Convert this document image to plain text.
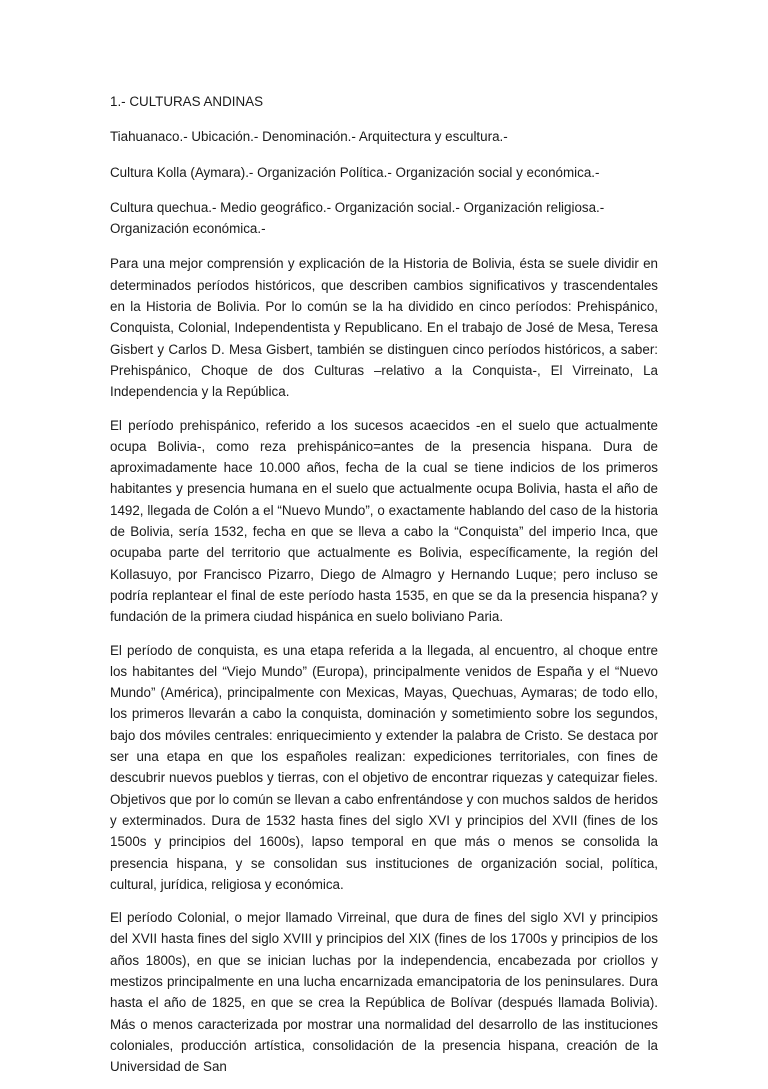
1.- CULTURAS ANDINAS
Tiahuanaco.- Ubicación.- Denominación.- Arquitectura y escultura.-
Cultura Kolla (Aymara).- Organización Política.- Organización social y económica.-
Cultura quechua.- Medio geográfico.- Organización social.- Organización religiosa.-
Organización económica.-

Para una mejor comprensión y explicación de la Historia de Bolivia, ésta se suele dividir en determinados períodos históricos, que describen cambios significativos y trascendentales en la Historia de Bolivia. Por lo común se la ha dividido en cinco períodos: Prehispánico, Conquista, Colonial, Independentista y Republicano. En el trabajo de José de Mesa, Teresa Gisbert y Carlos D. Mesa Gisbert, también se distinguen cinco períodos históricos, a saber: Prehispánico, Choque de dos Culturas –relativo a la Conquista-, El Virreinato, La Independencia y la República.

El período prehispánico, referido a los sucesos acaecidos -en el suelo que actualmente ocupa Bolivia-, como reza prehispánico=antes de la presencia hispana. Dura de aproximadamente hace 10.000 años, fecha de la cual se tiene indicios de los primeros habitantes y presencia humana en el suelo que actualmente ocupa Bolivia, hasta el año de 1492, llegada de Colón a el “Nuevo Mundo”, o exactamente hablando del caso de la historia de Bolivia, sería 1532, fecha en que se lleva a cabo la “Conquista” del imperio Inca, que ocupaba parte del territorio que actualmente es Bolivia, específicamente, la región del Kollasuyo, por Francisco Pizarro, Diego de Almagro y Hernando Luque; pero incluso se podría replantear el final de este período hasta 1535, en que se da la presencia hispana? y fundación de la primera ciudad hispánica en suelo boliviano Paria.

El período de conquista, es una etapa referida a la llegada, al encuentro, al choque entre los habitantes del “Viejo Mundo” (Europa), principalmente venidos de España y el “Nuevo Mundo” (América), principalmente con Mexicas, Mayas, Quechuas, Aymaras; de todo ello, los primeros llevarán a cabo la conquista, dominación y sometimiento sobre los segundos, bajo dos móviles centrales: enriquecimiento y extender la palabra de Cristo. Se destaca por ser una etapa en que los españoles realizan: expediciones territoriales, con fines de descubrir nuevos pueblos y tierras, con el objetivo de encontrar riquezas y catequizar fieles. Objetivos que por lo común se llevan a cabo enfrentándose y con muchos saldos de heridos y exterminados. Dura de 1532 hasta fines del siglo XVI y principios del XVII (fines de los 1500s y principios del 1600s), lapso temporal en que más o menos se consolida la presencia hispana, y se consolidan sus instituciones de organización social, política, cultural, jurídica, religiosa y económica.

El período Colonial, o mejor llamado Virreinal, que dura de fines del siglo XVI y principios del XVII hasta fines del siglo XVIII y principios del XIX (fines de los 1700s y principios de los años 1800s), en que se inician luchas por la independencia, encabezada por criollos y mestizos principalmente en una lucha encarnizada emancipatoria de los peninsulares. Dura hasta el año de 1825, en que se crea la República de Bolívar (después llamada Bolivia). Más o menos caracterizada por mostrar una normalidad del desarrollo de las instituciones coloniales, producción artística, consolidación de la presencia hispana, creación de la Universidad de San
